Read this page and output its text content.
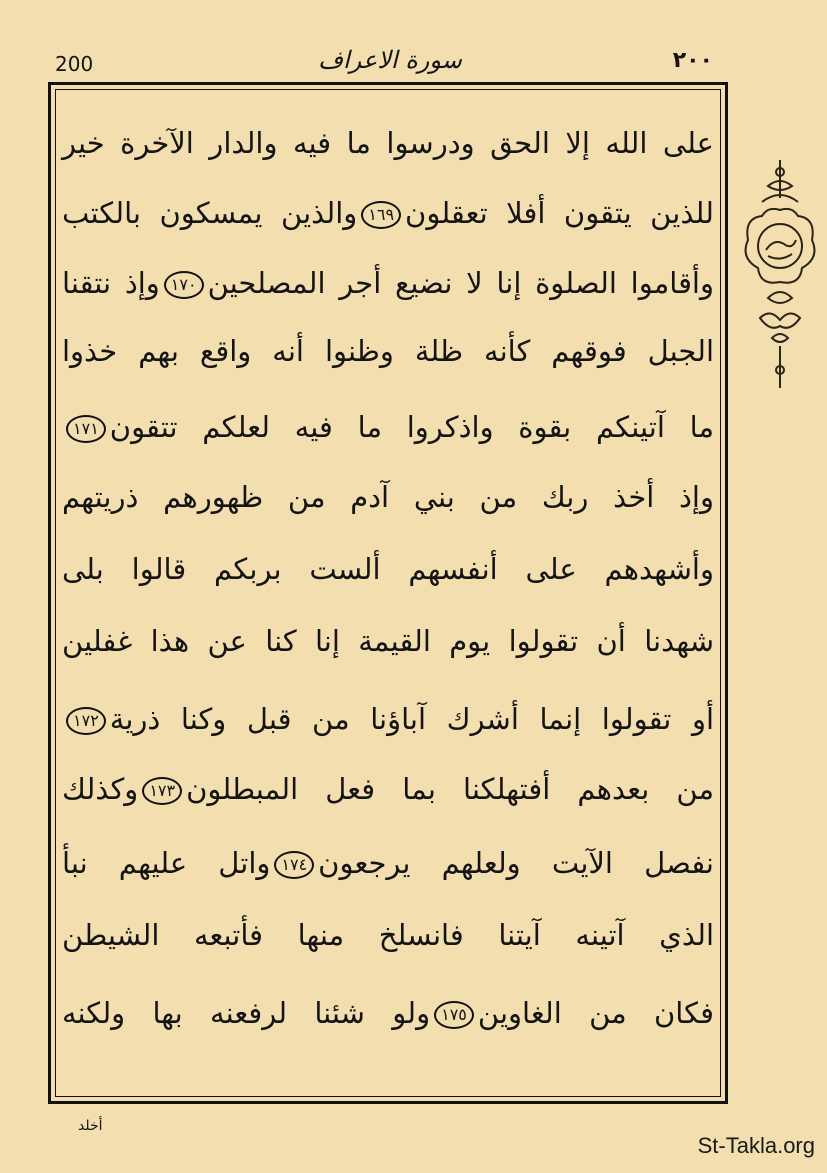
200	سورة الاعراف	٢٠٠
على الله إلا الحق ودرسوا ما فيه والدار الآخرة خير
للذين يتقون أفلا تعقلون١٦٩والذين يمسكون بالكتب
وأقاموا الصلوة إنا لا نضيع أجر المصلحين١٧٠وإذ نتقنا
الجبل فوقهم كأنه ظلة وظنوا أنه واقع بهم خذوا
ما آتينكم بقوة واذكروا ما فيه لعلكم تتقون١٧١
وإذ أخذ ربك من بني آدم من ظهورهم ذريتهم
وأشهدهم على أنفسهم ألست بربكم قالوا بلى
شهدنا أن تقولوا يوم القيمة إنا كنا عن هذا غفلين
أو تقولوا إنما أشرك آباؤنا من قبل وكنا ذرية١٧٢
من بعدهم أفتهلكنا بما فعل المبطلون١٧٣وكذلك
نفصل الآيت ولعلهم يرجعون١٧٤واتل عليهم نبأ
الذي آتينه آيتنا فانسلخ منها فأتبعه الشيطن
فكان من الغاوين١٧٥ولو شئنا لرفعنه بها ولكنه
أخلد
St-Takla.org
